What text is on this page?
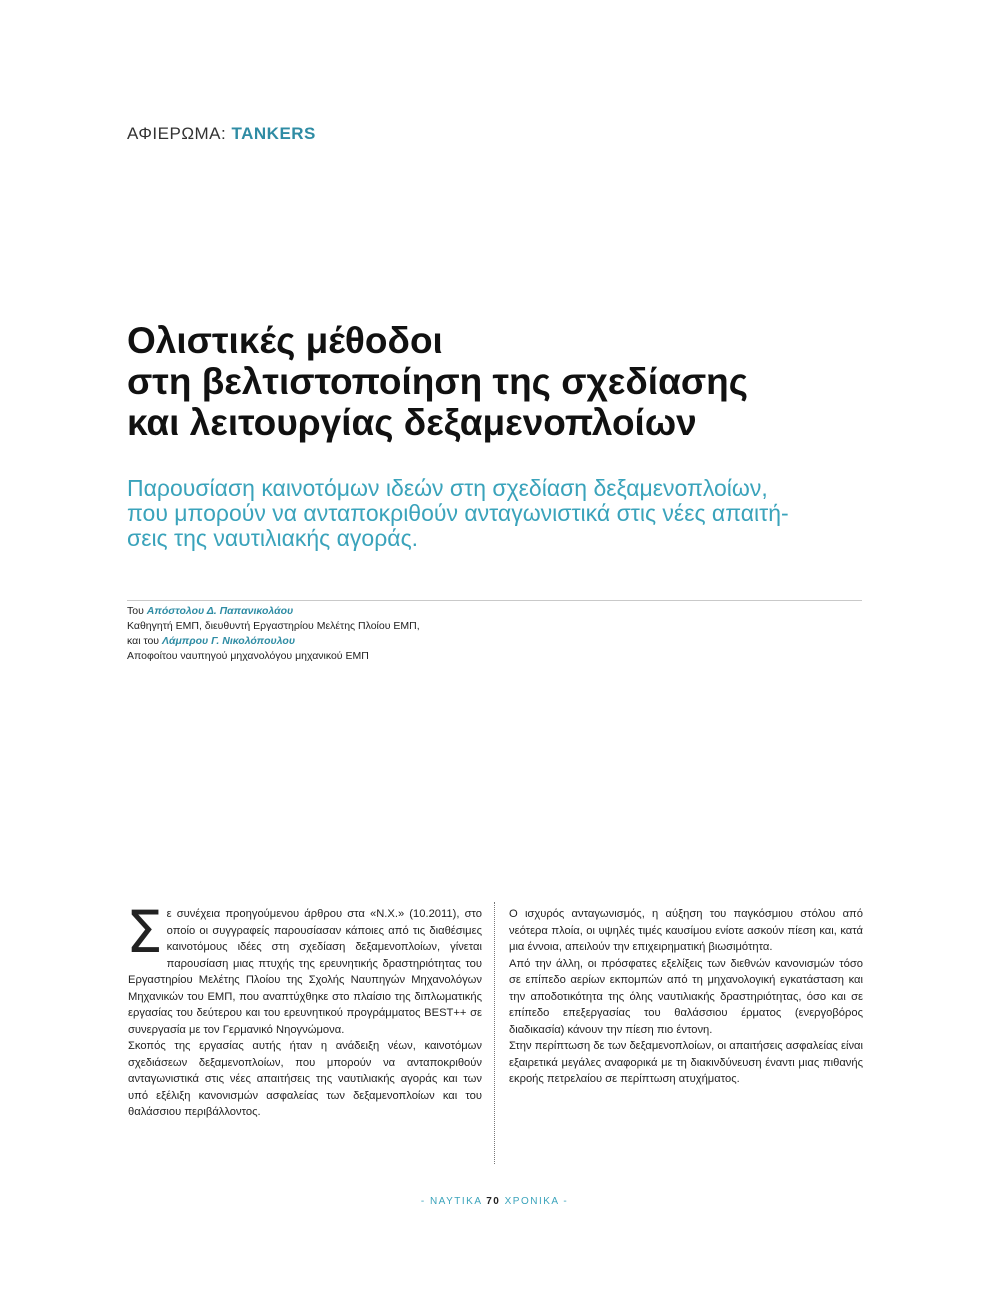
ΑΦΙΕΡΩΜΑ: TANKERS
Ολιστικές μέθοδοι
στη βελτιστοποίηση της σχεδίασης
και λειτουργίας δεξαμενοπλοίων
Παρουσίαση καινοτόμων ιδεών στη σχεδίαση δεξαμενοπλοίων,
που μπορούν να ανταποκριθούν ανταγωνιστικά στις νέες απαιτή-
σεις της ναυτιλιακής αγοράς.
Του Απόστολου Δ. Παπανικολάου
Καθηγητή ΕΜΠ, διευθυντή Εργαστηρίου Μελέτης Πλοίου ΕΜΠ,
και του Λάμπρου Γ. Νικολόπουλου
Αποφοίτου ναυπηγού μηχανολόγου μηχανικού ΕΜΠ

Σε συνέχεια προηγούμενου άρθρου στα «Ν.Χ.» (10.2011), στο οποίο οι συγγραφείς παρουσίασαν κάποιες από τις διαθέσιμες καινοτόμους ιδέες στη σχεδίαση δεξαμενοπλοίων, γίνεται παρουσίαση μιας πτυχής της ερευνητικής δραστηριότητας του Εργαστηρίου Μελέτης Πλοίου της Σχολής Ναυπηγών Μηχανολόγων Μηχανικών του ΕΜΠ, που αναπτύχθηκε στο πλαίσιο της διπλωματικής εργασίας του δεύτερου και του ερευνητικού προγράμματος BEST++ σε συνεργασία με τον Γερμανικό Νηογνώμονα.

Σκοπός της εργασίας αυτής ήταν η ανάδειξη νέων, καινοτόμων σχεδιάσεων δεξαμενοπλοίων, που μπορούν να ανταποκριθούν ανταγωνιστικά στις νέες απαιτήσεις της ναυτιλιακής αγοράς και των υπό εξέλιξη κανονισμών ασφαλείας των δεξαμενοπλοίων και του θαλάσσιου περιβάλλοντος.

Ο ισχυρός ανταγωνισμός, η αύξηση του παγκόσμιου στόλου από νεότερα πλοία, οι υψηλές τιμές καυσίμου ενίοτε ασκούν πίεση και, κατά μια έννοια, απειλούν την επιχειρηματική βιωσιμότητα.

Από την άλλη, οι πρόσφατες εξελίξεις των διεθνών κανονισμών τόσο σε επίπεδο αερίων εκπομπών από τη μηχανολογική εγκατάσταση και την αποδοτικότητα της όλης ναυτιλιακής δραστηριότητας, όσο και σε επίπεδο επεξεργασίας του θαλάσσιου έρματος (ενεργοβόρος διαδικασία) κάνουν την πίεση πιο έντονη.

Στην περίπτωση δε των δεξαμενοπλοίων, οι απαιτήσεις ασφαλείας είναι εξαιρετικά μεγάλες αναφορικά με τη διακινδύνευση έναντι μιας πιθανής εκροής πετρελαίου σε περίπτωση ατυχήματος.

- ΝΑΥΤΙΚΑ 70 ΧΡΟΝΙΚΑ -
